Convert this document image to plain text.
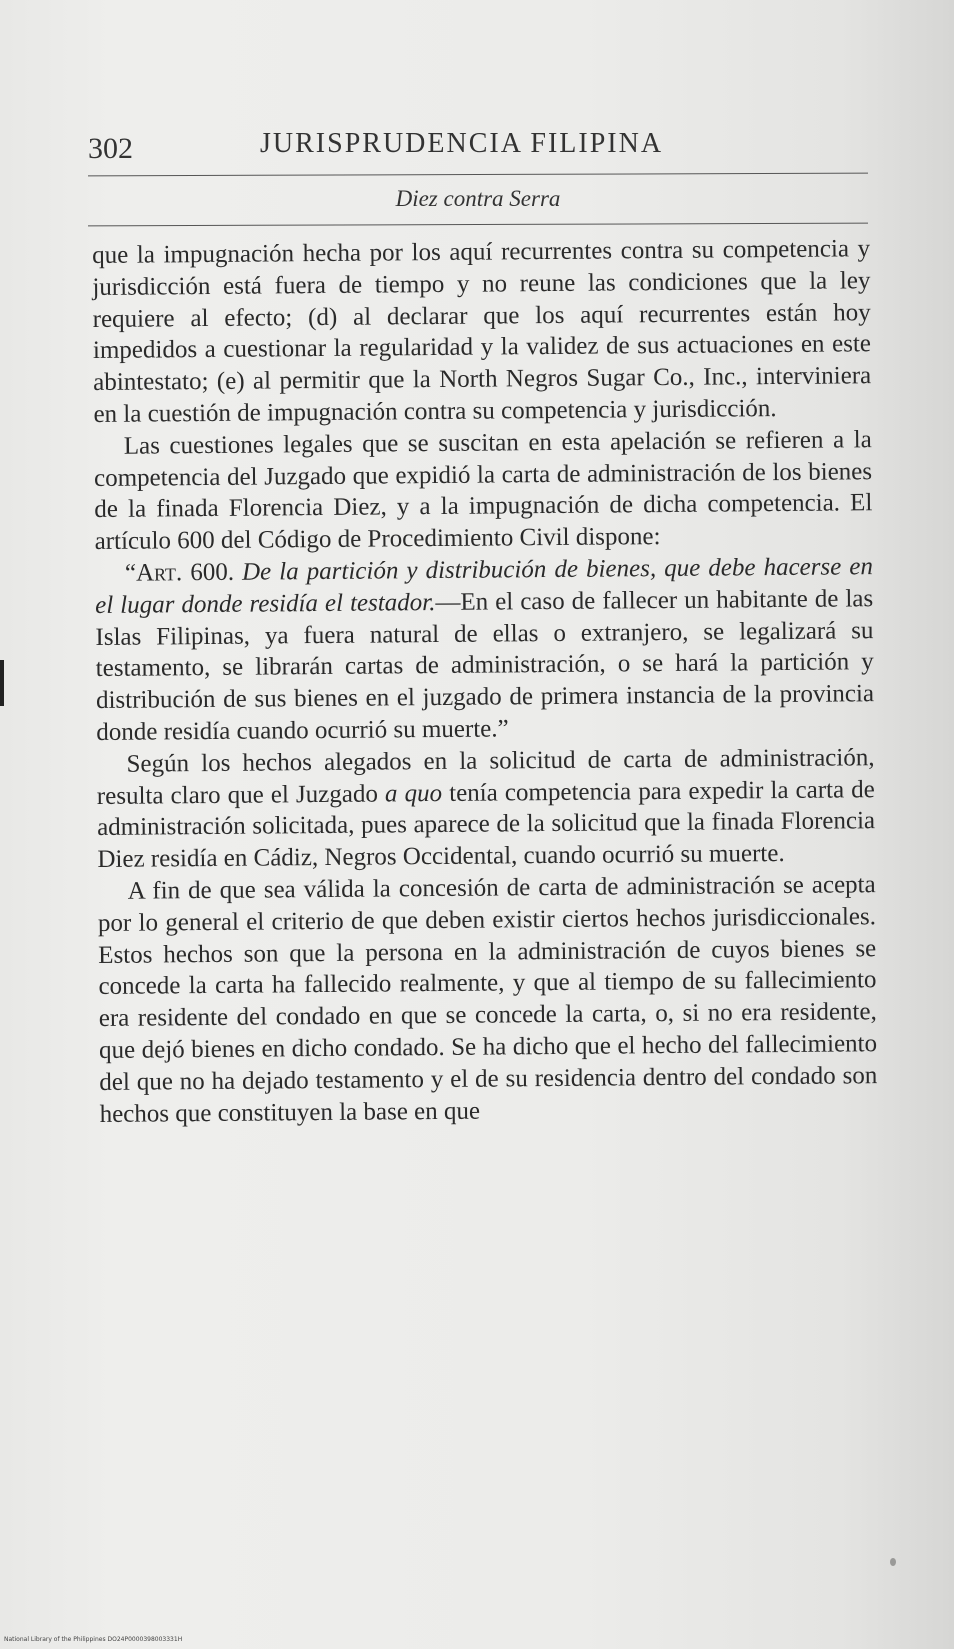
302	JURISPRUDENCIA FILIPINA
Diez contra Serra

que la impugnación hecha por los aquí recurrentes contra su competencia y jurisdicción está fuera de tiempo y no reune las condiciones que la ley requiere al efecto; (d) al declarar que los aquí recurrentes están hoy impedidos a cuestionar la regularidad y la validez de sus actuaciones en este abintestato; (e) al permitir que la North Negros Sugar Co., Inc., interviniera en la cuestión de impugnación contra su competencia y jurisdicción.

Las cuestiones legales que se suscitan en esta apelación se refieren a la competencia del Juzgado que expidió la carta de administración de los bienes de la finada Florencia Diez, y a la impugnación de dicha competencia. El artículo 600 del Código de Procedimiento Civil dispone:

“Art. 600. De la partición y distribución de bienes, que debe hacerse en el lugar donde residía el testador.—En el caso de fallecer un habitante de las Islas Filipinas, ya fuera natural de ellas o extranjero, se legalizará su testamento, se librarán cartas de administración, o se hará la partición y distribución de sus bienes en el juzgado de primera instancia de la provincia donde residía cuando ocurrió su muerte.”

Según los hechos alegados en la solicitud de carta de administración, resulta claro que el Juzgado a quo tenía competencia para expedir la carta de administración solicitada, pues aparece de la solicitud que la finada Florencia Diez residía en Cádiz, Negros Occidental, cuando ocurrió su muerte.

A fin de que sea válida la concesión de carta de administración se acepta por lo general el criterio de que deben existir ciertos hechos jurisdiccionales. Estos hechos son que la persona en la administración de cuyos bienes se concede la carta ha fallecido realmente, y que al tiempo de su fallecimiento era residente del condado en que se concede la carta, o, si no era residente, que dejó bienes en dicho condado. Se ha dicho que el hecho del fallecimiento del que no ha dejado testamento y el de su residencia dentro del condado son hechos que constituyen la base en que

National Library of the Philippines DO24P0000398003331H
